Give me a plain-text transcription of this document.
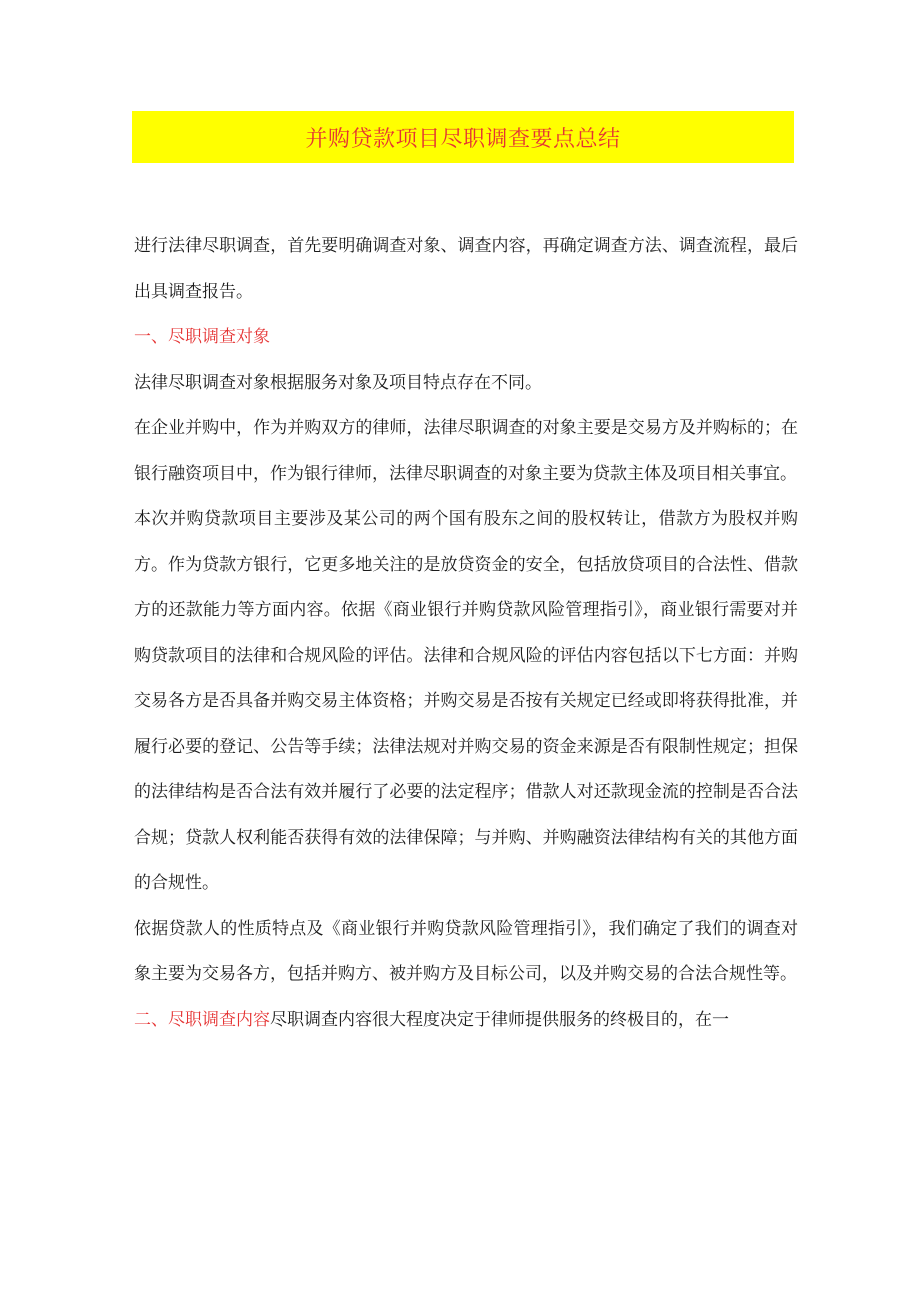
并购贷款项目尽职调查要点总结

进行法律尽职调查，首先要明确调查对象、调查内容，再确定调查方法、调查流程，最后出具调查报告。

一、尽职调查对象

法律尽职调查对象根据服务对象及项目特点存在不同。

在企业并购中，作为并购双方的律师，法律尽职调查的对象主要是交易方及并购标的；在银行融资项目中，作为银行律师，法律尽职调查的对象主要为贷款主体及项目相关事宜。

本次并购贷款项目主要涉及某公司的两个国有股东之间的股权转让，借款方为股权并购方。作为贷款方银行，它更多地关注的是放贷资金的安全，包括放贷项目的合法性、借款方的还款能力等方面内容。依据《商业银行并购贷款风险管理指引》，商业银行需要对并购贷款项目的法律和合规风险的评估。法律和合规风险的评估内容包括以下七方面：并购交易各方是否具备并购交易主体资格；并购交易是否按有关规定已经或即将获得批准，并履行必要的登记、公告等手续；法律法规对并购交易的资金来源是否有限制性规定；担保的法律结构是否合法有效并履行了必要的法定程序；借款人对还款现金流的控制是否合法合规；贷款人权利能否获得有效的法律保障；与并购、并购融资法律结构有关的其他方面的合规性。

依据贷款人的性质特点及《商业银行并购贷款风险管理指引》，我们确定了我们的调查对象主要为交易各方，包括并购方、被并购方及目标公司，以及并购交易的合法合规性等。

二、尽职调查内容尽职调查内容很大程度决定于律师提供服务的终极目的，在一
